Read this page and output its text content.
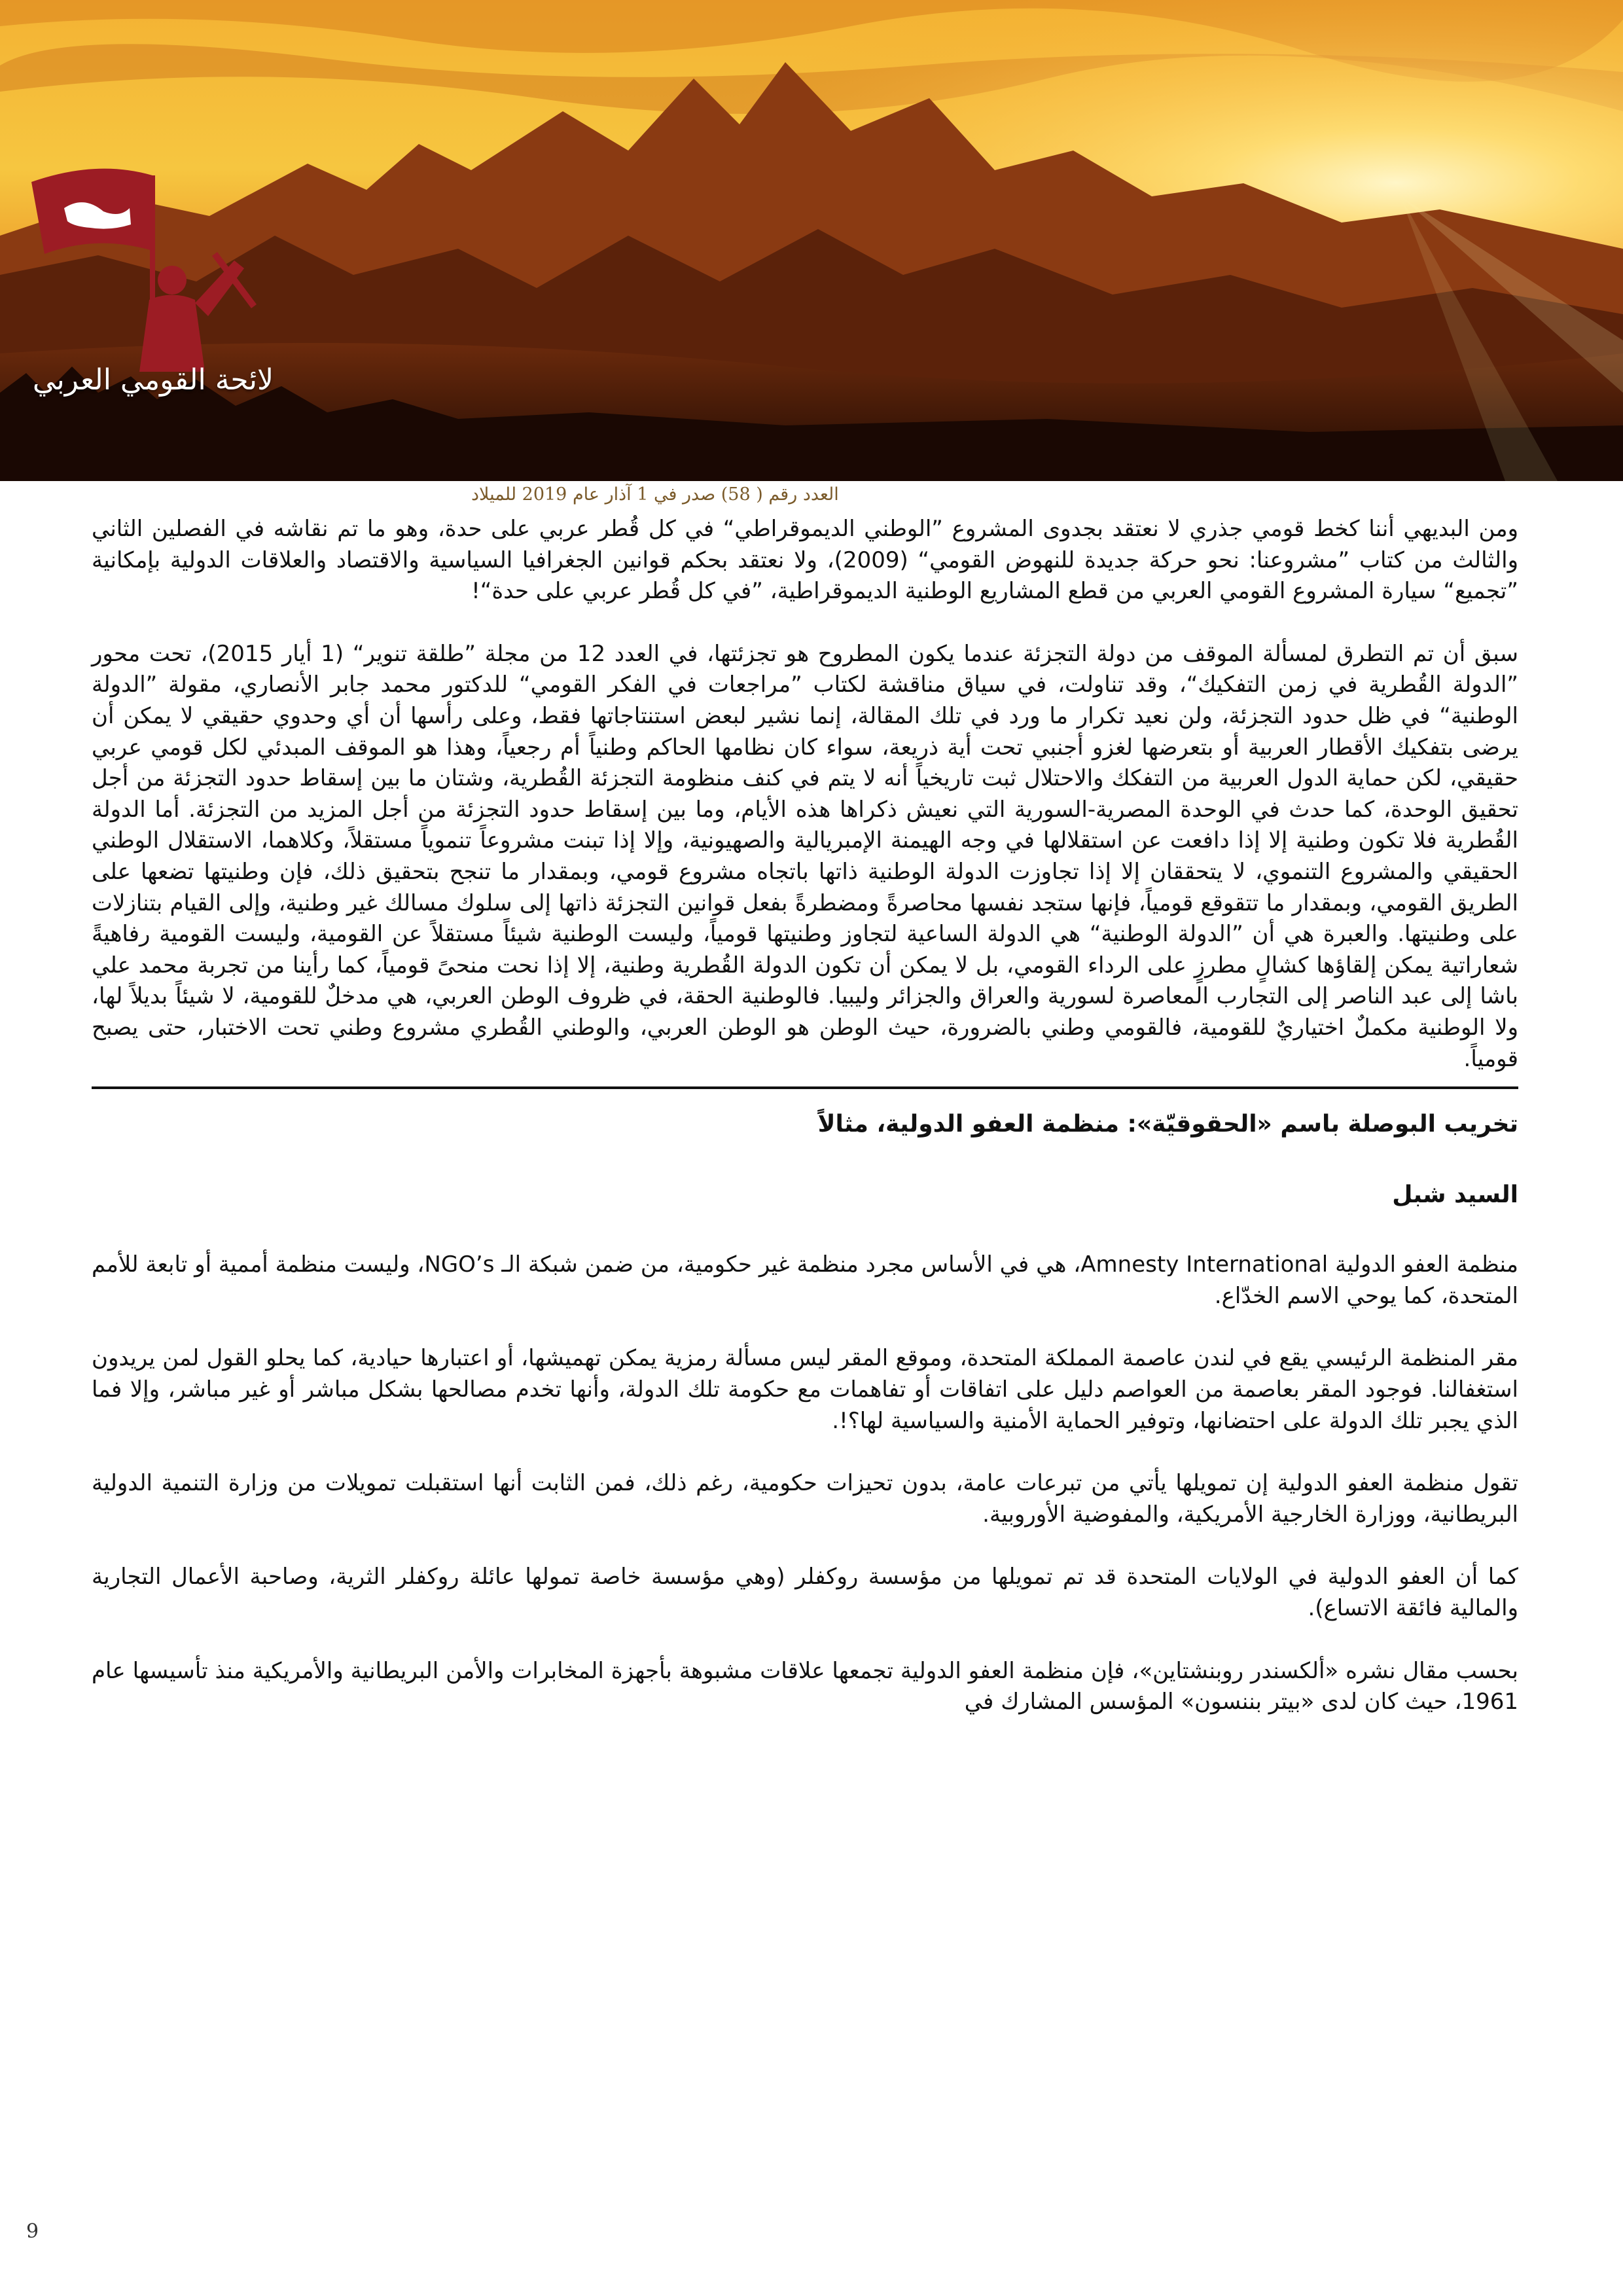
لائحة القومي العربي
العدد رقم ( 58) صدر في 1 آذار عام 2019 للميلاد

ومن البديهي أننا كخط قومي جذري لا نعتقد بجدوى المشروع ”الوطني الديموقراطي“ في كل قُطر عربي على حدة، وهو ما تم نقاشه في الفصلين الثاني والثالث من كتاب ”مشروعنا: نحو حركة جديدة للنهوض القومي“ (2009)، ولا نعتقد بحكم قوانين الجغرافيا السياسية والاقتصاد والعلاقات الدولية بإمكانية ”تجميع“ سيارة المشروع القومي العربي من قطع المشاريع الوطنية الديموقراطية، ”في كل قُطر عربي على حدة“!

سبق أن تم التطرق لمسألة الموقف من دولة التجزئة عندما يكون المطروح هو تجزئتها، في العدد 12 من مجلة ”طلقة تنوير“ (1 أيار 2015)، تحت محور ”الدولة القُطرية في زمن التفكيك“، وقد تناولت، في سياق مناقشة لكتاب ”مراجعات في الفكر القومي“ للدكتور محمد جابر الأنصاري، مقولة ”الدولة الوطنية“ في ظل حدود التجزئة، ولن نعيد تكرار ما ورد في تلك المقالة، إنما نشير لبعض استنتاجاتها فقط، وعلى رأسها أن أي وحدوي حقيقي لا يمكن أن يرضى بتفكيك الأقطار العربية أو بتعرضها لغزو أجنبي تحت أية ذريعة، سواء كان نظامها الحاكم وطنياً أم رجعياً، وهذا هو الموقف المبدئي لكل قومي عربي حقيقي، لكن حماية الدول العربية من التفكك والاحتلال ثبت تاريخياً أنه لا يتم في كنف منظومة التجزئة القُطرية، وشتان ما بين إسقاط حدود التجزئة من أجل تحقيق الوحدة، كما حدث في الوحدة المصرية-السورية التي نعيش ذكراها هذه الأيام، وما بين إسقاط حدود التجزئة من أجل المزيد من التجزئة. أما الدولة القُطرية فلا تكون وطنية إلا إذا دافعت عن استقلالها في وجه الهيمنة الإمبريالية والصهيونية، وإلا إذا تبنت مشروعاً تنموياً مستقلاً، وكلاهما، الاستقلال الوطني الحقيقي والمشروع التنموي، لا يتحققان إلا إذا تجاوزت الدولة الوطنية ذاتها باتجاه مشروع قومي، وبمقدار ما تنجح بتحقيق ذلك، فإن وطنيتها تضعها على الطريق القومي، وبمقدار ما تتقوقع قومياً، فإنها ستجد نفسها محاصرةً ومضطرةً بفعل قوانين التجزئة ذاتها إلى سلوك مسالك غير وطنية، وإلى القيام بتنازلات على وطنيتها. والعبرة هي أن ”الدولة الوطنية“ هي الدولة الساعية لتجاوز وطنيتها قومياً، وليست الوطنية شيئاً مستقلاً عن القومية، وليست القومية رفاهيةً شعاراتية يمكن إلقاؤها كشالٍ مطرزٍ على الرداء القومي، بل لا يمكن أن تكون الدولة القُطرية وطنية، إلا إذا نحت منحىً قومياً، كما رأينا من تجربة محمد علي باشا إلى عبد الناصر إلى التجارب المعاصرة لسورية والعراق والجزائر وليبيا. فالوطنية الحقة، في ظروف الوطن العربي، هي مدخلٌ للقومية، لا شيئاً بديلاً لها، ولا الوطنية مكملٌ اختياريٌ للقومية، فالقومي وطني بالضرورة، حيث الوطن هو الوطن العربي، والوطني القُطري مشروع وطني تحت الاختبار، حتى يصبح قومياً.

تخريب البوصلة باسم «الحقوقيّة»: منظمة العفو الدولية، مثالاً
السيد شبل

منظمة العفو الدولية Amnesty International، هي في الأساس مجرد منظمة غير حكومية، من ضمن شبكة الـ NGO’s، وليست منظمة أممية أو تابعة للأمم المتحدة، كما يوحي الاسم الخدّاع.

مقر المنظمة الرئيسي يقع في لندن عاصمة المملكة المتحدة، وموقع المقر ليس مسألة رمزية يمكن تهميشها، أو اعتبارها حيادية، كما يحلو القول لمن يريدون استغفالنا. فوجود المقر بعاصمة من العواصم دليل على اتفاقات أو تفاهمات مع حكومة تلك الدولة، وأنها تخدم مصالحها بشكل مباشر أو غير مباشر، وإلا فما الذي يجبر تلك الدولة على احتضانها، وتوفير الحماية الأمنية والسياسية لها؟!.

تقول منظمة العفو الدولية إن تمويلها يأتي من تبرعات عامة، بدون تحيزات حكومية، رغم ذلك، فمن الثابت أنها استقبلت تمويلات من وزارة التنمية الدولية البريطانية، ووزارة الخارجية الأمريكية، والمفوضية الأوروبية.

كما أن العفو الدولية في الولايات المتحدة قد تم تمويلها من مؤسسة روكفلر (وهي مؤسسة خاصة تمولها عائلة روكفلر الثرية، وصاحبة الأعمال التجارية والمالية فائقة الاتساع).

بحسب مقال نشره «ألكسندر روبنشتاين»، فإن منظمة العفو الدولية تجمعها علاقات مشبوهة بأجهزة المخابرات والأمن البريطانية والأمريكية منذ تأسيسها عام 1961، حيث كان لدى «بيتر بننسون» المؤسس المشارك في

9
